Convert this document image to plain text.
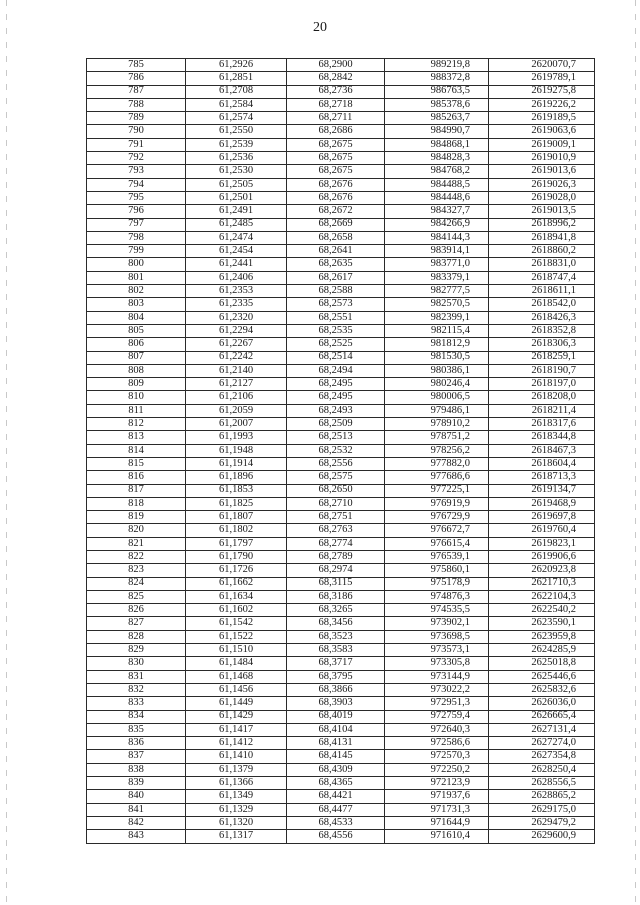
20
785	61,2926	68,2900	989219,8	2620070,7
786	61,2851	68,2842	988372,8	2619789,1
787	61,2708	68,2736	986763,5	2619275,8
788	61,2584	68,2718	985378,6	2619226,2
789	61,2574	68,2711	985263,7	2619189,5
790	61,2550	68,2686	984990,7	2619063,6
791	61,2539	68,2675	984868,1	2619009,1
792	61,2536	68,2675	984828,3	2619010,9
793	61,2530	68,2675	984768,2	2619013,6
794	61,2505	68,2676	984488,5	2619026,3
795	61,2501	68,2676	984448,6	2619028,0
796	61,2491	68,2672	984327,7	2619013,5
797	61,2485	68,2669	984266,9	2618996,2
798	61,2474	68,2658	984144,3	2618941,8
799	61,2454	68,2641	983914,1	2618860,2
800	61,2441	68,2635	983771,0	2618831,0
801	61,2406	68,2617	983379,1	2618747,4
802	61,2353	68,2588	982777,5	2618611,1
803	61,2335	68,2573	982570,5	2618542,0
804	61,2320	68,2551	982399,1	2618426,3
805	61,2294	68,2535	982115,4	2618352,8
806	61,2267	68,2525	981812,9	2618306,3
807	61,2242	68,2514	981530,5	2618259,1
808	61,2140	68,2494	980386,1	2618190,7
809	61,2127	68,2495	980246,4	2618197,0
810	61,2106	68,2495	980006,5	2618208,0
811	61,2059	68,2493	979486,1	2618211,4
812	61,2007	68,2509	978910,2	2618317,6
813	61,1993	68,2513	978751,2	2618344,8
814	61,1948	68,2532	978256,2	2618467,3
815	61,1914	68,2556	977882,0	2618604,4
816	61,1896	68,2575	977686,6	2618713,3
817	61,1853	68,2650	977225,1	2619134,7
818	61,1825	68,2710	976919,9	2619468,9
819	61,1807	68,2751	976729,9	2619697,8
820	61,1802	68,2763	976672,7	2619760,4
821	61,1797	68,2774	976615,4	2619823,1
822	61,1790	68,2789	976539,1	2619906,6
823	61,1726	68,2974	975860,1	2620923,8
824	61,1662	68,3115	975178,9	2621710,3
825	61,1634	68,3186	974876,3	2622104,3
826	61,1602	68,3265	974535,5	2622540,2
827	61,1542	68,3456	973902,1	2623590,1
828	61,1522	68,3523	973698,5	2623959,8
829	61,1510	68,3583	973573,1	2624285,9
830	61,1484	68,3717	973305,8	2625018,8
831	61,1468	68,3795	973144,9	2625446,6
832	61,1456	68,3866	973022,2	2625832,6
833	61,1449	68,3903	972951,3	2626036,0
834	61,1429	68,4019	972759,4	2626665,4
835	61,1417	68,4104	972640,3	2627131,4
836	61,1412	68,4131	972586,6	2627274,0
837	61,1410	68,4145	972570,3	2627354,8
838	61,1379	68,4309	972250,2	2628250,4
839	61,1366	68,4365	972123,9	2628556,5
840	61,1349	68,4421	971937,6	2628865,2
841	61,1329	68,4477	971731,3	2629175,0
842	61,1320	68,4533	971644,9	2629479,2
843	61,1317	68,4556	971610,4	2629600,9
